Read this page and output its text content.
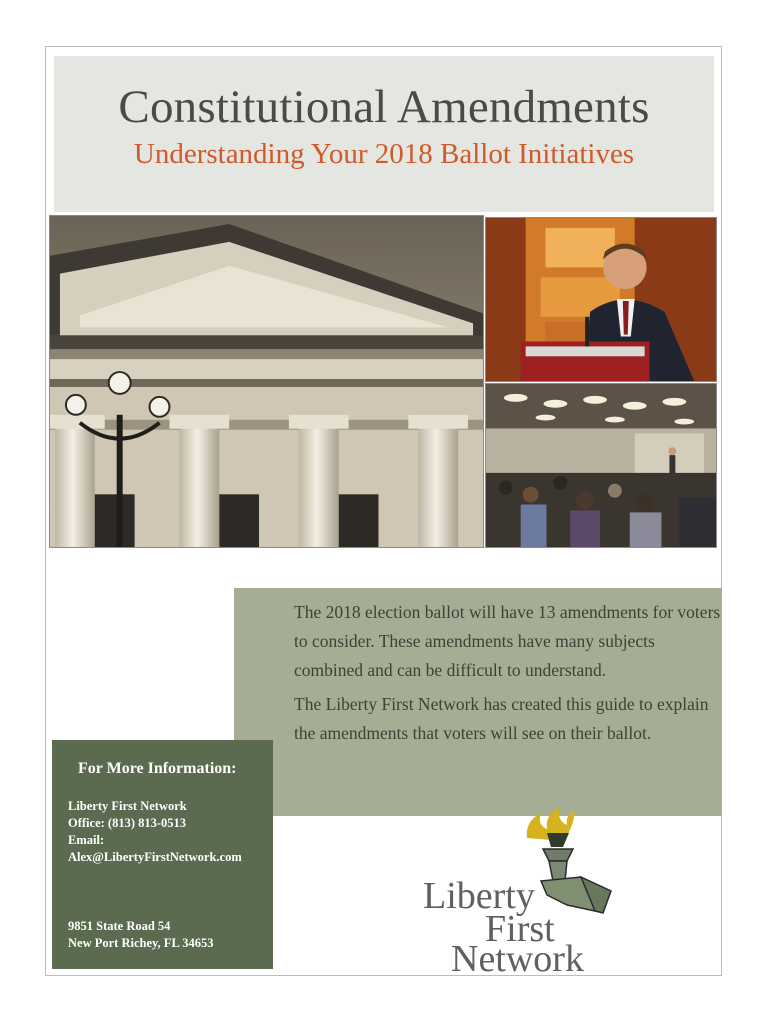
Constitutional Amendments
Understanding Your 2018 Ballot Initiatives

The 2018 election ballot will have 13 amendments for voters to consider. These amendments have many subjects combined and can be difficult to understand.

The Liberty First Network has created this guide to explain the amendments that voters will see on their ballot.

For More Information:
Liberty First Network
Office: (813) 813-0513
Email:
Alex@LibertyFirstNetwork.com
9851 State Road 54
New Port Richey, FL 34653
Liberty
First
Network
